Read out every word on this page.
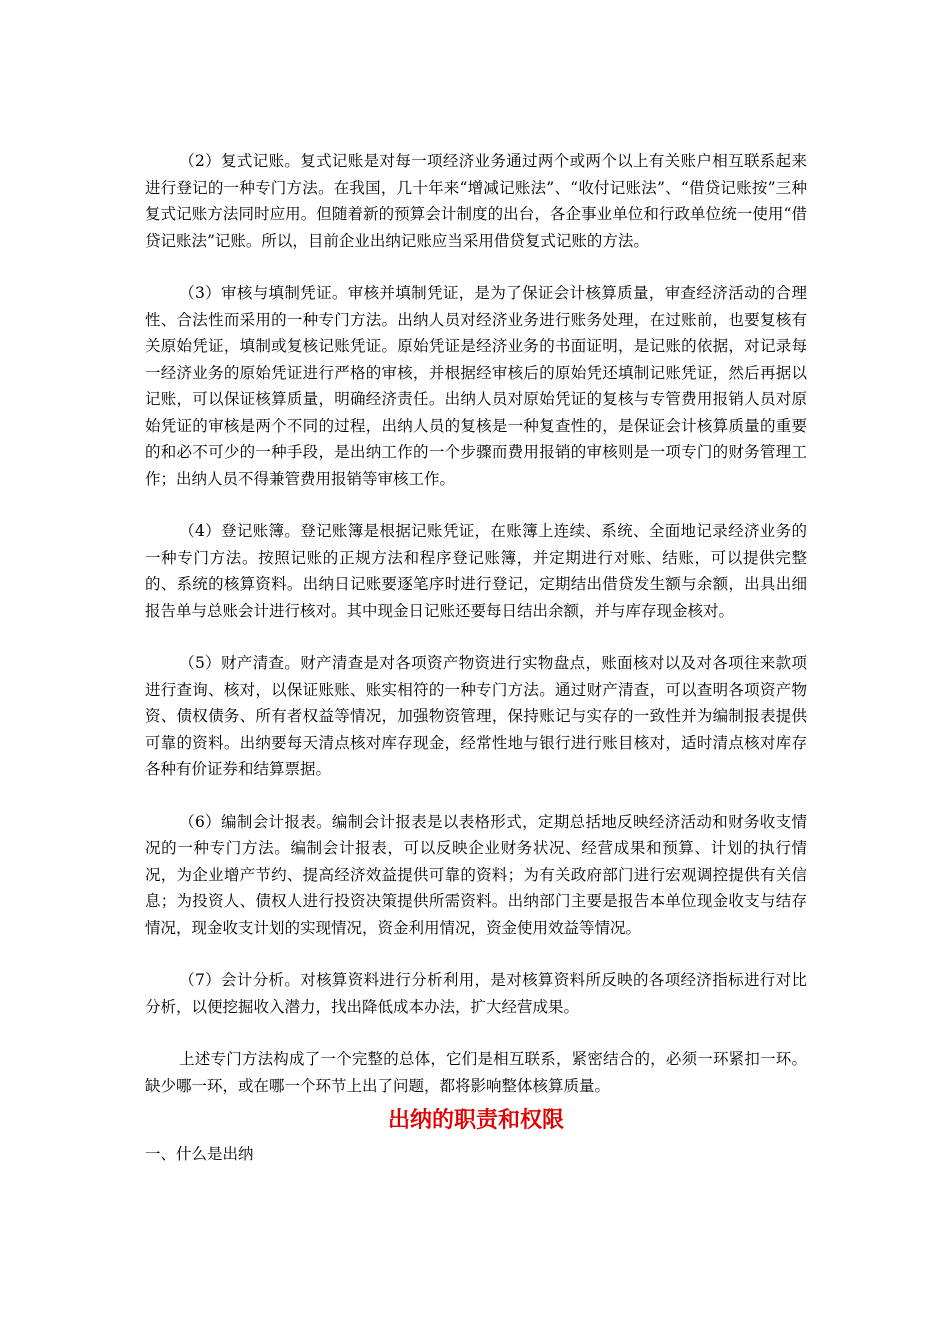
（2）复式记账。复式记账是对每一项经济业务通过两个或两个以上有关账户相互联系起来进行登记的一种专门方法。在我国，几十年来“增减记账法”、“收付记账法”、“借贷记账按”三种复式记账方法同时应用。但随着新的预算会计制度的出台，各企事业单位和行政单位统一使用“借贷记账法”记账。所以，目前企业出纳记账应当采用借贷复式记账的方法。

（3）审核与填制凭证。审核并填制凭证，是为了保证会计核算质量，审查经济活动的合理性、合法性而采用的一种专门方法。出纳人员对经济业务进行账务处理，在过账前，也要复核有关原始凭证，填制或复核记账凭证。原始凭证是经济业务的书面证明，是记账的依据，对记录每一经济业务的原始凭证进行严格的审核，并根据经审核后的原始凭还填制记账凭证，然后再据以记账，可以保证核算质量，明确经济责任。出纳人员对原始凭证的复核与专管费用报销人员对原始凭证的审核是两个不同的过程，出纳人员的复核是一种复查性的，是保证会计核算质量的重要的和必不可少的一种手段，是出纳工作的一个步骤而费用报销的审核则是一项专门的财务管理工作；出纳人员不得兼管费用报销等审核工作。

（4）登记账簿。登记账簿是根据记账凭证，在账簿上连续、系统、全面地记录经济业务的一种专门方法。按照记账的正规方法和程序登记账簿，并定期进行对账、结账，可以提供完整的、系统的核算资料。出纳日记账要逐笔序时进行登记，定期结出借贷发生额与余额，出具出细报告单与总账会计进行核对。其中现金日记账还要每日结出余额，并与库存现金核对。

（5）财产清查。财产清查是对各项资产物资进行实物盘点，账面核对以及对各项往来款项进行查询、核对，以保证账账、账实相符的一种专门方法。通过财产清查，可以查明各项资产物资、债权债务、所有者权益等情况，加强物资管理，保持账记与实存的一致性并为编制报表提供可靠的资料。出纳要每天清点核对库存现金，经常性地与银行进行账目核对，适时清点核对库存各种有价证券和结算票据。

（6）编制会计报表。编制会计报表是以表格形式，定期总括地反映经济活动和财务收支情况的一种专门方法。编制会计报表，可以反映企业财务状况、经营成果和预算、计划的执行情况，为企业增产节约、提高经济效益提供可靠的资料；为有关政府部门进行宏观调控提供有关信息；为投资人、债权人进行投资决策提供所需资料。出纳部门主要是报告本单位现金收支与结存情况，现金收支计划的实现情况，资金利用情况，资金使用效益等情况。

（7）会计分析。对核算资料进行分析利用，是对核算资料所反映的各项经济指标进行对比分析，以便挖掘收入潜力，找出降低成本办法，扩大经营成果。

上述专门方法构成了一个完整的总体，它们是相互联系，紧密结合的，必须一环紧扣一环。缺少哪一环，或在哪一个环节上出了问题，都将影响整体核算质量。

出纳的职责和权限

一、什么是出纳
